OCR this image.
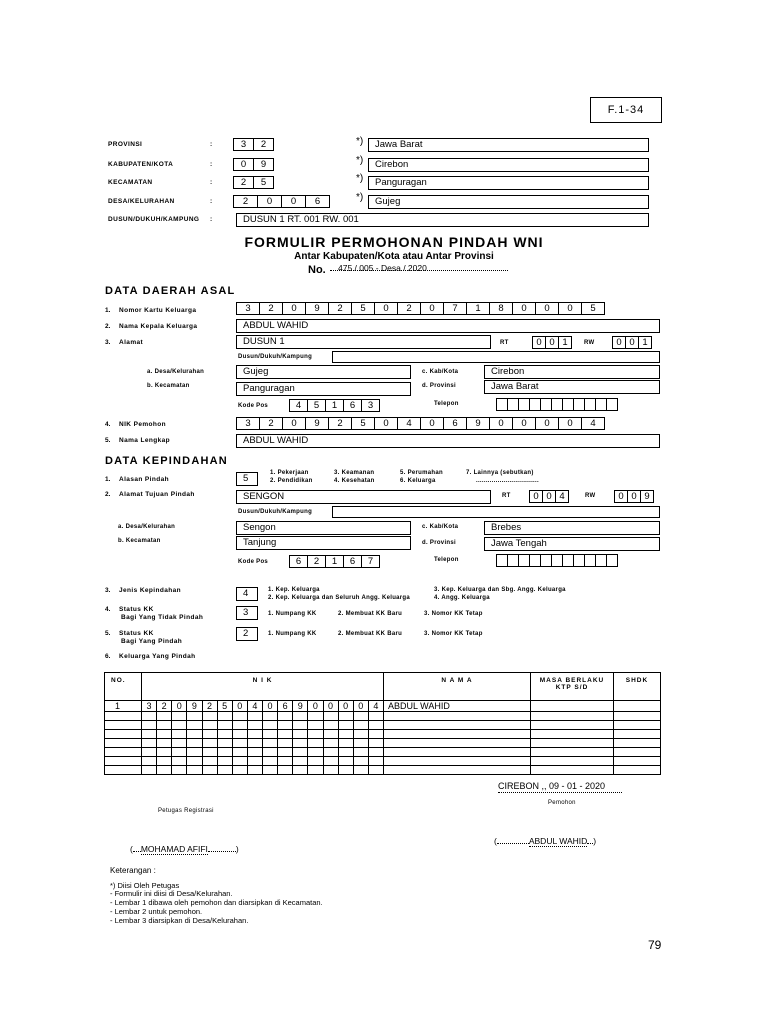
F.1-34
PROVINSI	:	3	2	*)	Jawa Barat
KABUPATEN/KOTA	:	0	9	*)	Cirebon
KECAMATAN	:	2	5	*)	Panguragan
DESA/KELURAHAN	:	2	0	0	6	*)	Gujeg
DUSUN/DUKUH/KAMPUNG :	DUSUN 1 RT. 001 RW. 001
FORMULIR PERMOHONAN PINDAH WNI
Antar Kabupaten/Kota atau Antar Provinsi
No. 475 / 005 - Desa / 2020
DATA DAERAH ASAL
1. Nomor Kartu Keluarga	3	2	0	9	2	5	0	2	0	7	1	8	0	0	0	5
2. Nama Kepala Keluarga	ABDUL WAHID
3. Alamat	DUSUN 1	RT	0 0 1	RW	0 0 1
Dusun/Dukuh/Kampung
a. Desa/Kelurahan	Gujeg	c. Kab/Kota	Cirebon
b. Kecamatan	Panguragan	d. Provinsi	Jawa Barat
Kode Pos	4	5	1	6	3	Telepon
4. NIK Pemohon	3	2	0	9	2	5	0	4	0	6	9	0	0	0	0	4
5. Nama Lengkap	ABDUL WAHID
DATA KEPINDAHAN
1. Alasan Pindah	5	1. Pekerjaan
2. Pendidikan
3. Keamanan
4. Kesehatan
5. Perumahan
6. Keluarga
7. Lainnya (sebutkan)
................................
2. Alamat Tujuan Pindah	SENGON	RT	0 0 4	RW	0 0 9
Dusun/Dukuh/Kampung
a. Desa/Kelurahan	Sengon	c. Kab/Kota	Brebes
b. Kecamatan	Tanjung	d. Provinsi	Jawa Tengah
Kode Pos	6	2	1	6	7	Telepon
3. Jenis Kepindahan	4	1. Kep. Keluarga
2. Kep. Keluarga dan Seluruh Angg. Keluarga
3. Kep. Keluarga dan Sbg. Angg. Keluarga
4. Angg. Keluarga
4. Status KK
Bagi Yang Tidak Pindah	3	1. Numpang KK	2. Membuat KK Baru	3. Nomor KK Tetap
5. Status KK
Bagi Yang Pindah
2	1. Numpang KK	2. Membuat KK Baru	3. Nomor KK Tetap
6. Keluarga Yang Pindah
NO.	N I K																N A M A	MASA BERLAKU KTP S/D	SHDK
1	3	2	0	9	2	5	0	4	0	6	9	0	0	0	0	4	ABDUL WAHID		

CIREBON ,, 09 - 01 - 2020
Pemohon
Petugas Registrasi
( MOHAMAD AFIFI	)
(	ABDUL WAHID )
Keterangan :
*) Diisi Oleh Petugas
- Formulir ini diisi di Desa/Kelurahan.
- Lembar 1 dibawa oleh pemohon dan diarsipkan di Kecamatan.
- Lembar 2 untuk pemohon.
- Lembar 3 diarsipkan di Desa/Kelurahan.
79
